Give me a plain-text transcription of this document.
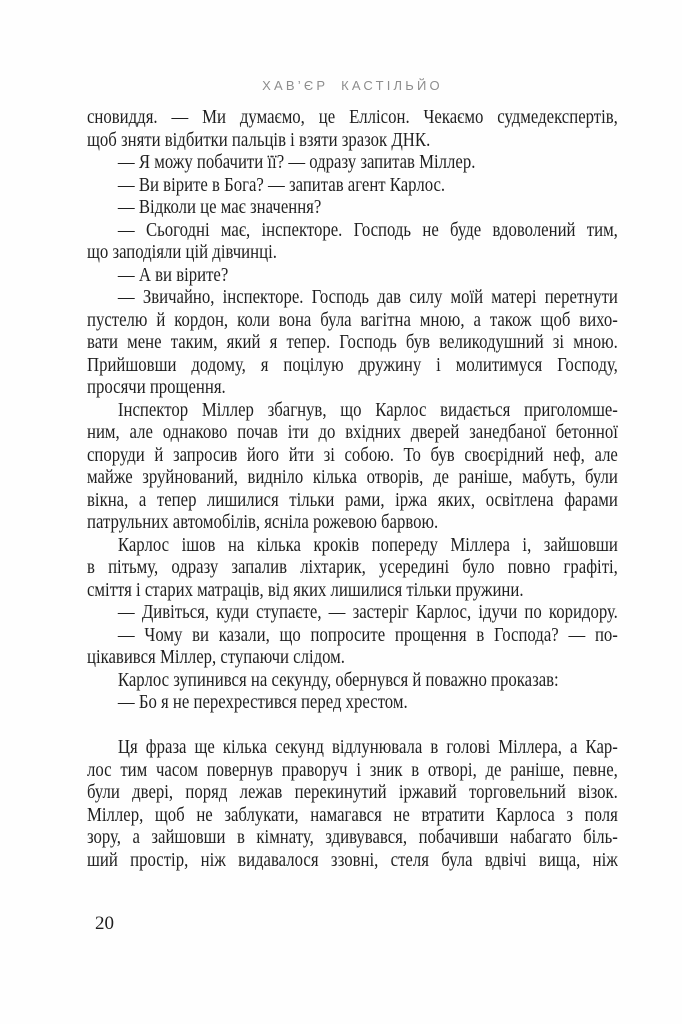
ХАВ’ЄР КАСТІЛЬЙО
сновиддя. — Ми думаємо, це Еллісон. Чекаємо судмедекспертів,
щоб зняти відбитки пальців і взяти зразок ДНК.
— Я можу побачити її? — одразу запитав Міллер.
— Ви вірите в Бога? — запитав агент Карлос.
— Відколи це має значення?
— Сьогодні має, інспекторе. Господь не буде вдоволений тим,
що заподіяли цій дівчинці.
— А ви вірите?
— Звичайно, інспекторе. Господь дав силу моїй матері перетнути
пустелю й кордон, коли вона була вагітна мною, а також щоб вихо-
вати мене таким, який я тепер. Господь був великодушний зі мною.
Прийшовши додому, я поцілую дружину і молитимуся Господу,
просячи прощення.
Інспектор Міллер збагнув, що Карлос видається приголомше-
ним, але однаково почав іти до вхідних дверей занедбаної бетонної
споруди й запросив його йти зі собою. То був своєрідний неф, але
майже зруйнований, видніло кілька отворів, де раніше, мабуть, були
вікна, а тепер лишилися тільки рами, іржа яких, освітлена фарами
патрульних автомобілів, ясніла рожевою барвою.
Карлос ішов на кілька кроків попереду Міллера і, зайшовши
в пітьму, одразу запалив ліхтарик, усередині було повно графіті,
сміття і старих матраців, від яких лишилися тільки пружини.
— Дивіться, куди ступаєте, — застеріг Карлос, ідучи по коридору.
— Чому ви казали, що попросите прощення в Господа? — по-
цікавився Міллер, ступаючи слідом.
Карлос зупинився на секунду, обернувся й поважно проказав:
— Бо я не перехрестився перед хрестом.
Ця фраза ще кілька секунд відлунювала в голові Міллера, а Кар-
лос тим часом повернув праворуч і зник в отворі, де раніше, певне,
були двері, поряд лежав перекинутий іржавий торговельний візок.
Міллер, щоб не заблукати, намагався не втратити Карлоса з поля
зору, а зайшовши в кімнату, здивувався, побачивши набагато біль-
ший простір, ніж видавалося ззовні, стеля була вдвічі вища, ніж
20
